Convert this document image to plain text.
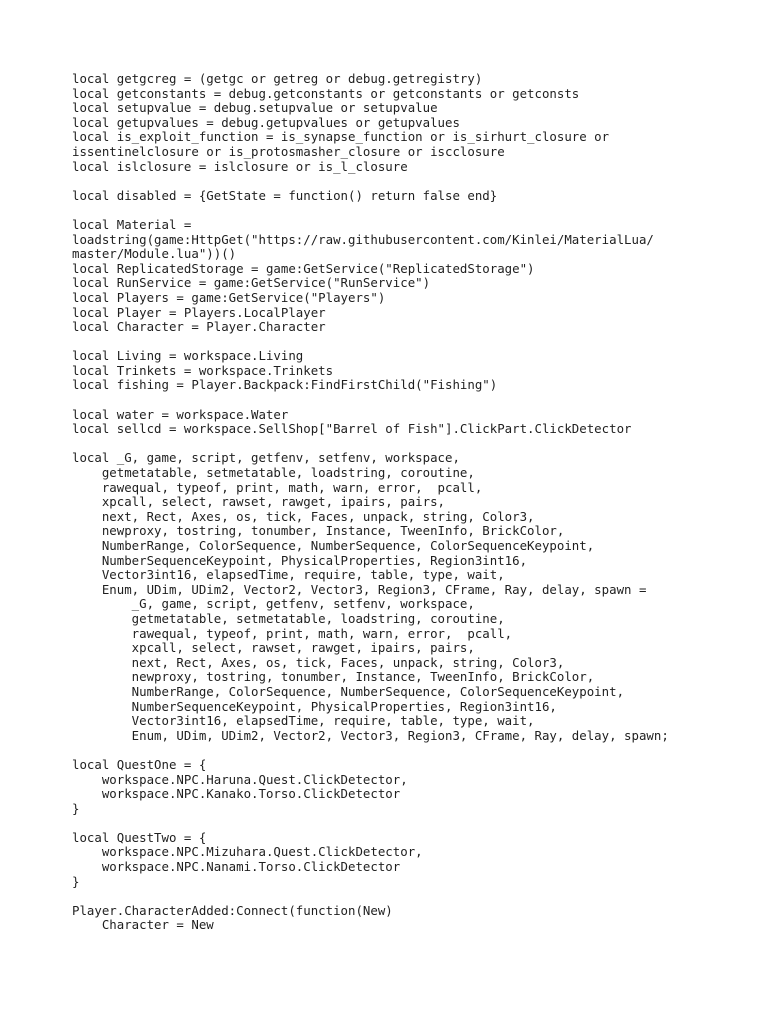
local getgcreg = (getgc or getreg or debug.getregistry)
local getconstants = debug.getconstants or getconstants or getconsts
local setupvalue = debug.setupvalue or setupvalue
local getupvalues = debug.getupvalues or getupvalues
local is_exploit_function = is_synapse_function or is_sirhurt_closure or
issentinelclosure or is_protosmasher_closure or iscclosure
local islclosure = islclosure or is_l_closure
local disabled = {GetState = function() return false end}
local Material =
loadstring(game:HttpGet("https://raw.githubusercontent.com/Kinlei/MaterialLua/
master/Module.lua"))()
local ReplicatedStorage = game:GetService("ReplicatedStorage")
local RunService = game:GetService("RunService")
local Players = game:GetService("Players")
local Player = Players.LocalPlayer
local Character = Player.Character
local Living = workspace.Living
local Trinkets = workspace.Trinkets
local fishing = Player.Backpack:FindFirstChild("Fishing")
local water = workspace.Water
local sellcd = workspace.SellShop["Barrel of Fish"].ClickPart.ClickDetector
local _G, game, script, getfenv, setfenv, workspace,
getmetatable, setmetatable, loadstring, coroutine,
rawequal, typeof, print, math, warn, error,  pcall,
xpcall, select, rawset, rawget, ipairs, pairs,
next, Rect, Axes, os, tick, Faces, unpack, string, Color3,
newproxy, tostring, tonumber, Instance, TweenInfo, BrickColor,
NumberRange, ColorSequence, NumberSequence, ColorSequenceKeypoint,
NumberSequenceKeypoint, PhysicalProperties, Region3int16,
Vector3int16, elapsedTime, require, table, type, wait,
Enum, UDim, UDim2, Vector2, Vector3, Region3, CFrame, Ray, delay, spawn =
_G, game, script, getfenv, setfenv, workspace,
getmetatable, setmetatable, loadstring, coroutine,
rawequal, typeof, print, math, warn, error,  pcall,
xpcall, select, rawset, rawget, ipairs, pairs,
next, Rect, Axes, os, tick, Faces, unpack, string, Color3,
newproxy, tostring, tonumber, Instance, TweenInfo, BrickColor,
NumberRange, ColorSequence, NumberSequence, ColorSequenceKeypoint,
NumberSequenceKeypoint, PhysicalProperties, Region3int16,
Vector3int16, elapsedTime, require, table, type, wait,
Enum, UDim, UDim2, Vector2, Vector3, Region3, CFrame, Ray, delay, spawn;
local QuestOne = {
workspace.NPC.Haruna.Quest.ClickDetector,
workspace.NPC.Kanako.Torso.ClickDetector
}
local QuestTwo = {
workspace.NPC.Mizuhara.Quest.ClickDetector,
workspace.NPC.Nanami.Torso.ClickDetector
}
Player.CharacterAdded:Connect(function(New)
Character = New
